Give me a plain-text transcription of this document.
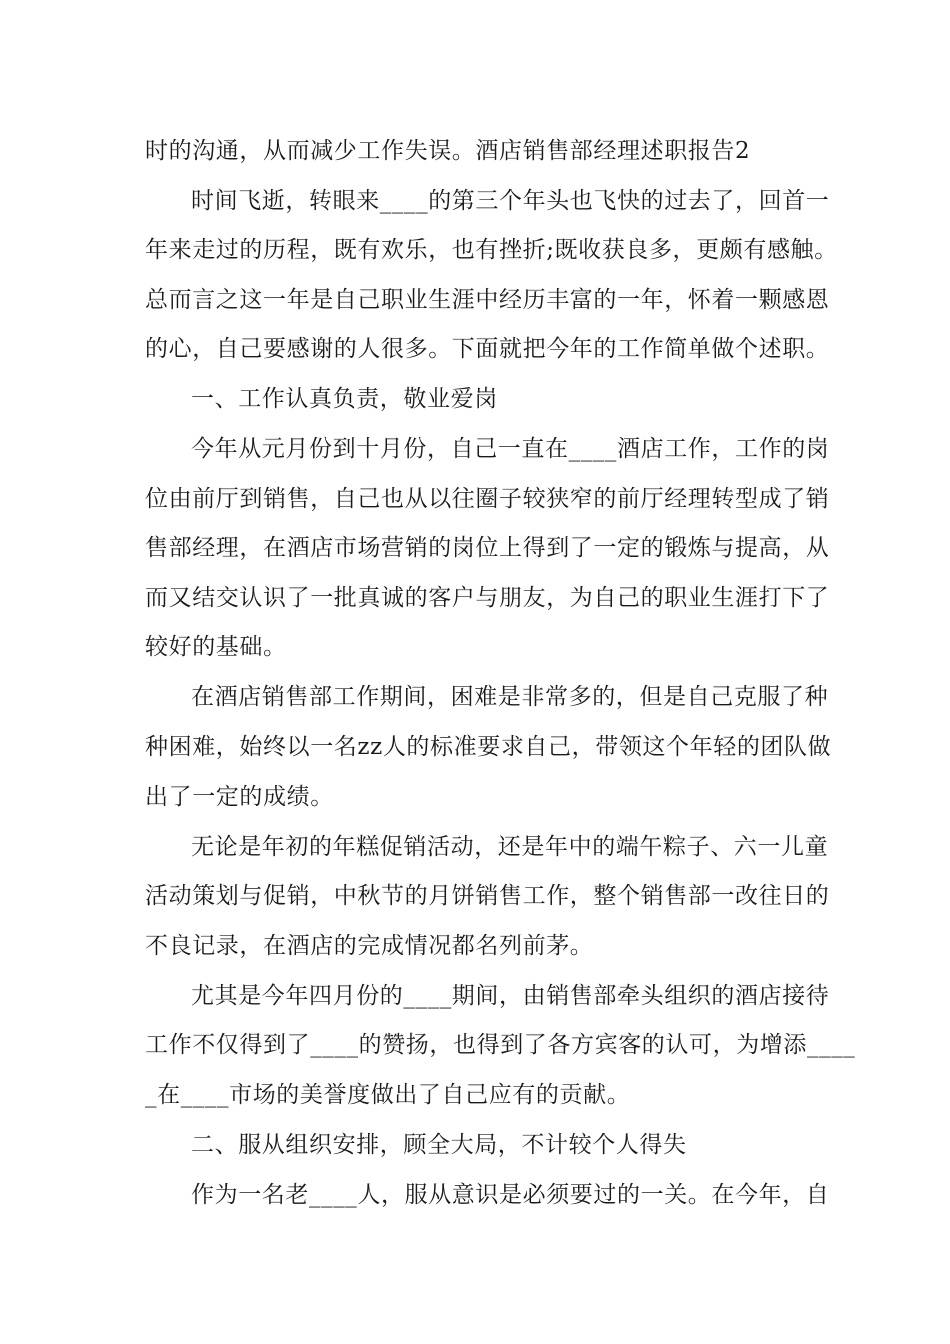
时的沟通，从而减少工作失误。酒店销售部经理述职报告2
时间飞逝，转眼来____的第三个年头也飞快的过去了，回首一
年来走过的历程，既有欢乐，也有挫折;既收获良多，更颇有感触。
总而言之这一年是自己职业生涯中经历丰富的一年，怀着一颗感恩
的心，自己要感谢的人很多。下面就把今年的工作简单做个述职。
一、工作认真负责，敬业爱岗
今年从元月份到十月份，自己一直在____酒店工作，工作的岗
位由前厅到销售，自己也从以往圈子较狭窄的前厅经理转型成了销
售部经理，在酒店市场营销的岗位上得到了一定的锻炼与提高，从
而又结交认识了一批真诚的客户与朋友，为自己的职业生涯打下了
较好的基础。
在酒店销售部工作期间，困难是非常多的，但是自己克服了种
种困难，始终以一名zz人的标准要求自己，带领这个年轻的团队做
出了一定的成绩。
无论是年初的年糕促销活动，还是年中的端午粽子、六一儿童
活动策划与促销，中秋节的月饼销售工作，整个销售部一改往日的
不良记录，在酒店的完成情况都名列前茅。
尤其是今年四月份的____期间，由销售部牵头组织的酒店接待
工作不仅得到了____的赞扬，也得到了各方宾客的认可，为增添____
_在____市场的美誉度做出了自己应有的贡献。
二、服从组织安排，顾全大局，不计较个人得失
作为一名老____人，服从意识是必须要过的一关。在今年，自
